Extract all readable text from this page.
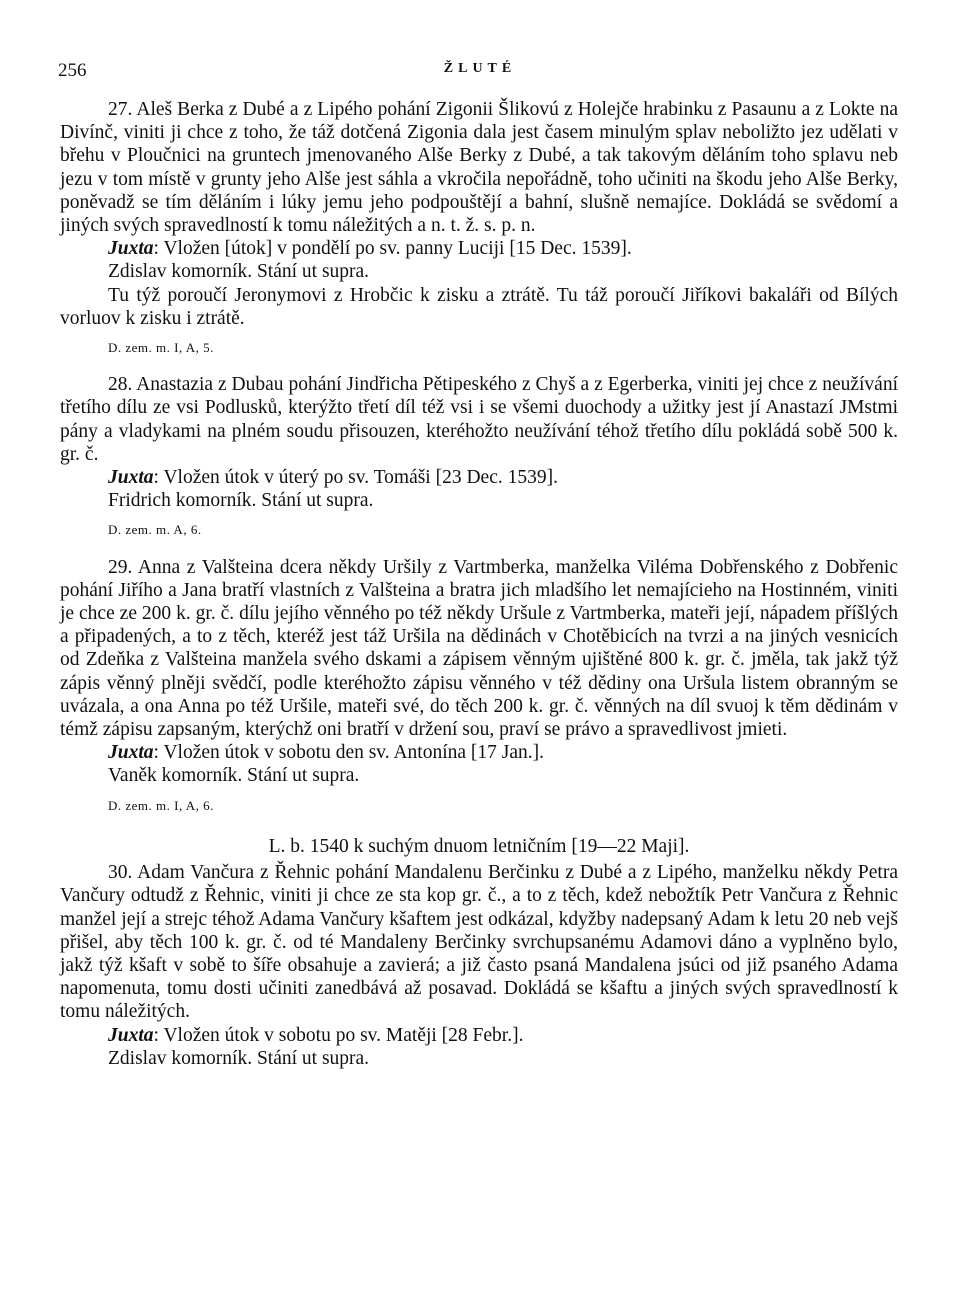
256	ŽLUTÉ

27. Aleš Berka z Dubé a z Lipého pohání Zigonii Šlikovú z Holejče hrabinku z Pasaunu a z Lokte na Divínč, viniti ji chce z toho, že táž dotčená Zigonia dala jest časem minulým splav neboližto jez udělati v břehu v Ploučnici na gruntech jmenovaného Alše Berky z Dubé, a tak takovým děláním toho splavu neb jezu v tom místě v grunty jeho Alše jest sáhla a vkročila nepořádně, toho učiniti na škodu jeho Alše Berky, poněvadž se tím děláním i lúky jemu jeho podpouštějí a bahní, slušně nemajíce. Dokládá se svědomí a jiných svých spravedlností k tomu náležitých a n. t. ž. s. p. n.

Juxta: Vložen [útok] v pondělí po sv. panny Luciji [15 Dec. 1539].

Zdislav komorník. Stání ut supra.

Tu týž poroučí Jeronymovi z Hrobčic k zisku a ztrátě. Tu táž poroučí Jiříkovi bakaláři od Bílých vorluov k zisku i ztrátě.

D. zem. m. I, A, 5.

28. Anastazia z Dubau pohání Jindřicha Pětipeského z Chyš a z Egerberka, viniti jej chce z neužívání třetího dílu ze vsi Podlusků, kterýžto třetí díl též vsi i se všemi duochody a užitky jest jí Anastazí JMstmi pány a vladykami na plném soudu přisouzen, kteréhožto neužívání téhož třetího dílu pokládá sobě 500 k. gr. č.

Juxta: Vložen útok v úterý po sv. Tomáši [23 Dec. 1539].

Fridrich komorník. Stání ut supra.

D. zem. m. A, 6.

29. Anna z Valšteina dcera někdy Uršily z Vartmberka, manželka Viléma Dobřenského z Dobřenic pohání Jiřího a Jana bratří vlastních z Valšteina a bratra jich mladšího let nemajícieho na Hostinném, viniti je chce ze 200 k. gr. č. dílu jejího věnného po též někdy Uršule z Vartmberka, mateři její, nápadem příšlých a připadených, a to z těch, kteréž jest táž Uršila na dědinách v Chotěbicích na tvrzi a na jiných vesnicích od Zdeňka z Valšteina manžela svého dskami a zápisem věnným ujištěné 800 k. gr. č. jměla, tak jakž týž zápis věnný plněji svědčí, podle kteréhožto zápisu věnného v též dědiny ona Uršula listem obranným se uvázala, a ona Anna po též Uršile, mateři své, do těch 200 k. gr. č. věnných na díl svuoj k těm dědinám v témž zápisu zapsaným, kterýchž oni bratří v držení sou, praví se právo a spravedlivost jmieti.

Juxta: Vložen útok v sobotu den sv. Antonína [17 Jan.].

Vaněk komorník. Stání ut supra.

D. zem. m. I, A, 6.

L. b. 1540 k suchým dnuom letničním [19—22 Maji].

30. Adam Vančura z Řehnic pohání Mandalenu Berčinku z Dubé a z Lipého, manželku někdy Petra Vančury odtudž z Řehnic, viniti ji chce ze sta kop gr. č., a to z těch, kdež nebožtík Petr Vančura z Řehnic manžel její a strejc téhož Adama Vančury kšaftem jest odkázal, kdyžby nadepsaný Adam k letu 20 neb vejš přišel, aby těch 100 k. gr. č. od té Mandaleny Berčinky svrchupsanému Adamovi dáno a vyplněno bylo, jakž týž kšaft v sobě to šíře obsahuje a zavierá; a již často psaná Mandalena jsúci od již psaného Adama napomenuta, tomu dosti učiniti zanedbává až posavad. Dokládá se kšaftu a jiných svých spravedlností k tomu náležitých.

Juxta: Vložen útok v sobotu po sv. Matěji [28 Febr.].

Zdislav komorník. Stání ut supra.
